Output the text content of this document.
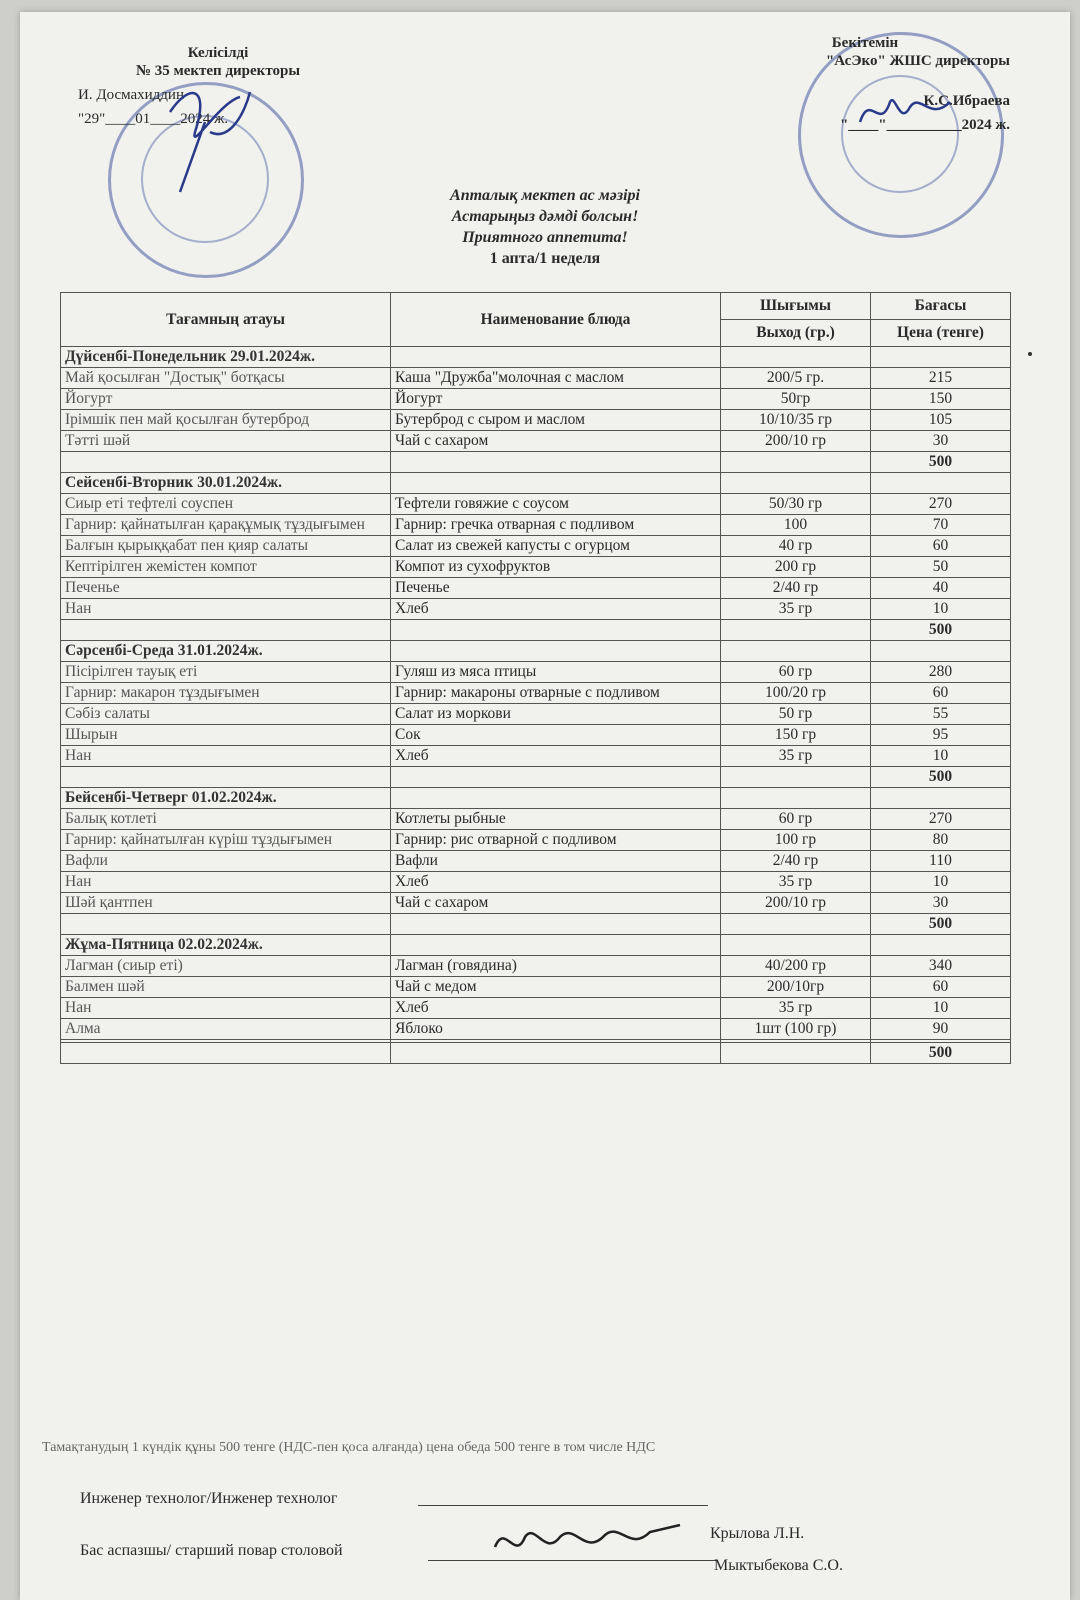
Келісілді
№ 35 мектеп директоры
И. Досмахиддин
"29"____01____2024 ж.
Бекітемін
"АсЭко" ЖШС директоры
К.С.Ибраева
"____"__________2024 ж.
Апталық мектеп ас мәзірі
Астарыңыз дәмді болсын!
Приятного аппетита!
1 апта/1 неделя
Тағамның атауы	Наименование блюда	Шығымы	Бағасы
		Выход (гр.)	Цена (тенге)
Дүйсенбі-Понедельник 29.01.2024ж.			
Май қосылған "Достық" ботқасы	Каша "Дружба"молочная с маслом	200/5 гр.	215
Йогурт	Йогурт	50гр	150
Ірімшік пен май қосылған бутерброд	Бутерброд с сыром и маслом	10/10/35 гр	105
Тәтті шәй	Чай с сахаром	200/10 гр	30
			500
Сейсенбі-Вторник 30.01.2024ж.			
Сиыр еті тефтелі соуспен	Тефтели говяжие с соусом	50/30 гр	270
Гарнир: қайнатылған қарақұмық тұздығымен	Гарнир: гречка отварная с подливом	100	70
Балғын қырыққабат пен қияр салаты	Салат из свежей капусты с огурцом	40 гр	60
Кептірілген жемістен компот	Компот из сухофруктов	200 гр	50
Печенье	Печенье	2/40 гр	40
Нан	Хлеб	35 гр	10
			500
Сәрсенбі-Среда 31.01.2024ж.			
Пісірілген тауық еті	Гуляш из мяса птицы	60 гр	280
Гарнир: макарон тұздығымен	Гарнир: макароны отварные с подливом	100/20 гр	60
Сәбіз салаты	Салат из моркови	50 гр	55
Шырын	Сок	150 гр	95
Нан	Хлеб	35 гр	10
			500
Бейсенбі-Четверг 01.02.2024ж.			
Балық котлеті	Котлеты рыбные	60 гр	270
Гарнир: қайнатылған күріш тұздығымен	Гарнир: рис отварной с подливом	100 гр	80
Вафли	Вафли	2/40 гр	110
Нан	Хлеб	35 гр	10
Шәй қантпен	Чай с сахаром	200/10 гр	30
			500
Жұма-Пятница 02.02.2024ж.			
Лагман (сиыр еті)	Лагман (говядина)	40/200 гр	340
Балмен шәй	Чай с медом	200/10гр	60
Нан	Хлеб	35 гр	10
Алма	Яблоко	1шт (100 гр)	90

			500
Тамақтанудың 1 күндік құны 500 тенге (НДС-пен қоса алғанда) цена обеда 500 тенге в том числе НДС
Инженер технолог/Инженер технолог
Крылова Л.Н.
Бас аспазшы/ старший повар столовой
Мыктыбекова С.О.
